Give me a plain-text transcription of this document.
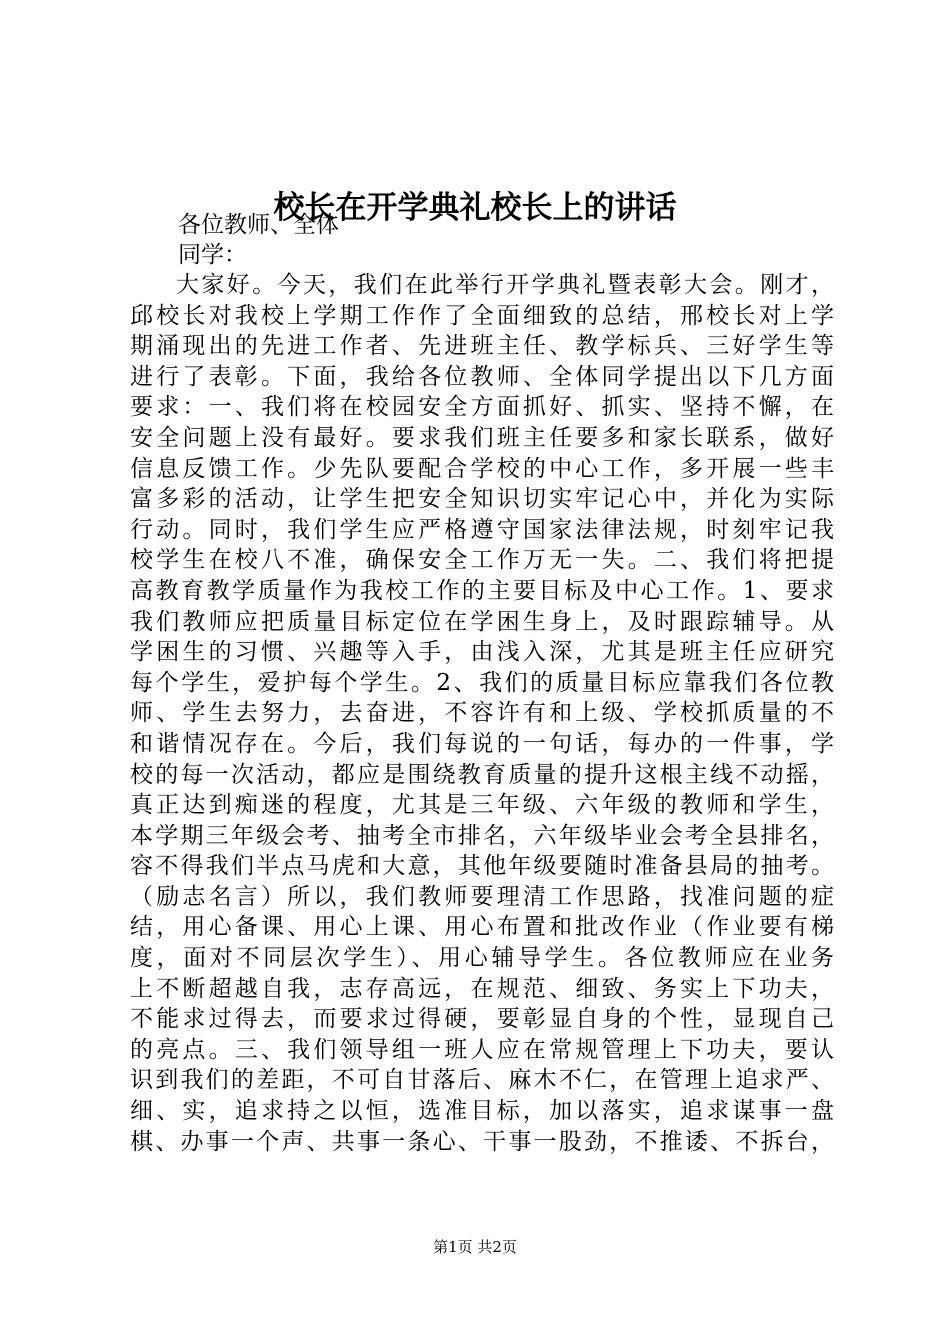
校长在开学典礼校长上的讲话

各位教师、全体

同学：

大家好。今天，我们在此举行开学典礼暨表彰大会。刚才，
邱校长对我校上学期工作作了全面细致的总结，邢校长对上学
期涌现出的先进工作者、先进班主任、教学标兵、三好学生等
进行了表彰。下面，我给各位教师、全体同学提出以下几方面
要求：一、我们将在校园安全方面抓好、抓实、坚持不懈，在
安全问题上没有最好。要求我们班主任要多和家长联系，做好
信息反馈工作。少先队要配合学校的中心工作，多开展一些丰
富多彩的活动，让学生把安全知识切实牢记心中，并化为实际
行动。同时，我们学生应严格遵守国家法律法规，时刻牢记我
校学生在校八不准，确保安全工作万无一失。二、我们将把提
高教育教学质量作为我校工作的主要目标及中心工作。1、要求
我们教师应把质量目标定位在学困生身上，及时跟踪辅导。从
学困生的习惯、兴趣等入手，由浅入深，尤其是班主任应研究
每个学生，爱护每个学生。2、我们的质量目标应靠我们各位教
师、学生去努力，去奋进，不容许有和上级、学校抓质量的不
和谐情况存在。今后，我们每说的一句话，每办的一件事，学
校的每一次活动，都应是围绕教育质量的提升这根主线不动摇，
真正达到痴迷的程度，尤其是三年级、六年级的教师和学生，
本学期三年级会考、抽考全市排名，六年级毕业会考全县排名，
容不得我们半点马虎和大意，其他年级要随时准备县局的抽考。
（励志名言）所以，我们教师要理清工作思路，找准问题的症
结，用心备课、用心上课、用心布置和批改作业（作业要有梯
度，面对不同层次学生）、用心辅导学生。各位教师应在业务
上不断超越自我，志存高远，在规范、细致、务实上下功夫，
不能求过得去，而要求过得硬，要彰显自身的个性，显现自己
的亮点。三、我们领导组一班人应在常规管理上下功夫，要认
识到我们的差距，不可自甘落后、麻木不仁，在管理上追求严、
细、实，追求持之以恒，选准目标，加以落实，追求谋事一盘
棋、办事一个声、共事一条心、干事一股劲，不推诿、不拆台，

第1页 共2页
